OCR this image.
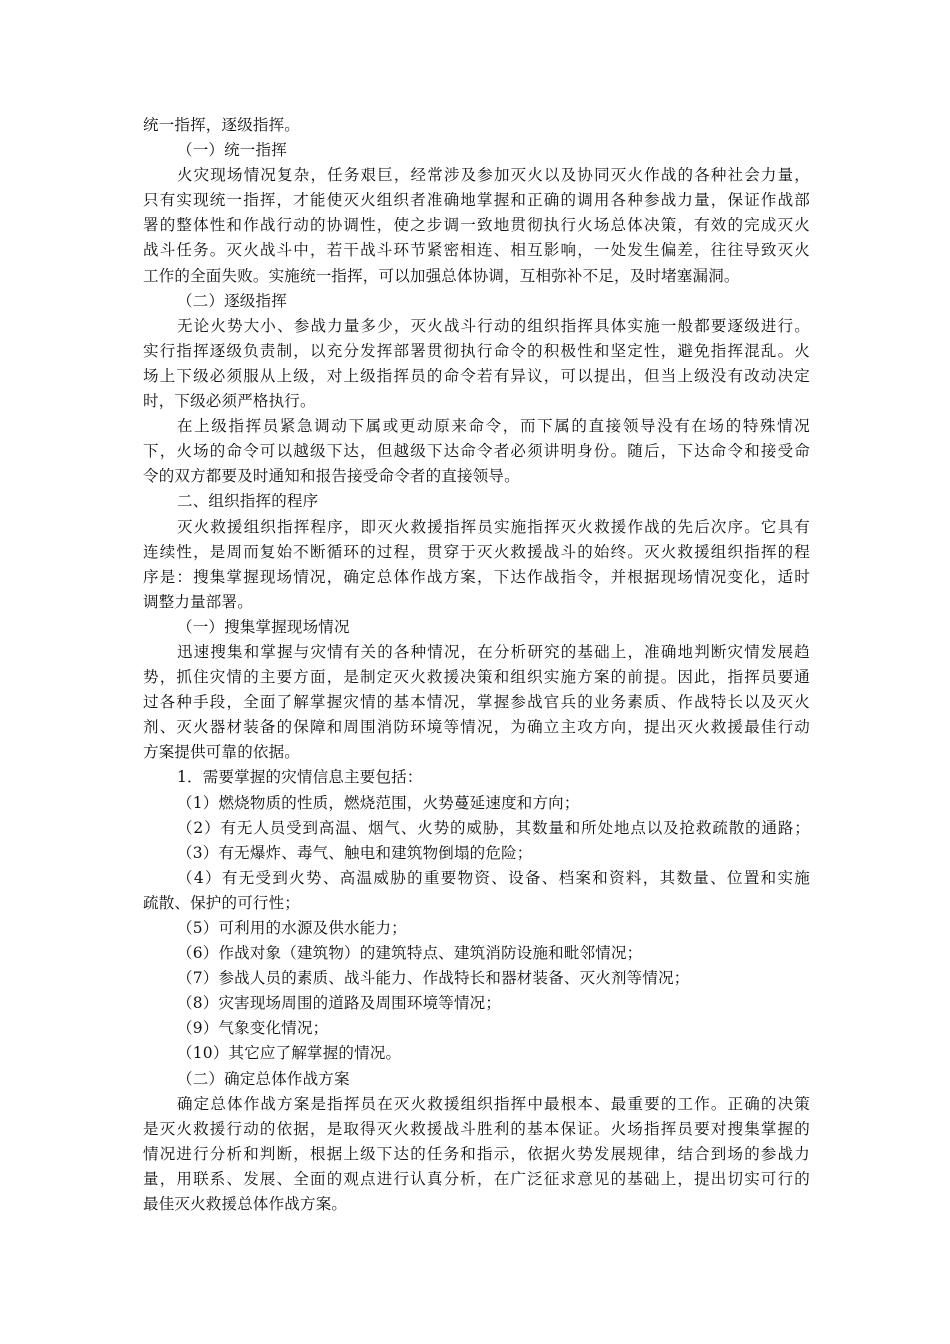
统一指挥，逐级指挥。
（一）统一指挥
火灾现场情况复杂，任务艰巨，经常涉及参加灭火以及协同灭火作战的各种社会力量，
只有实现统一指挥，才能使灭火组织者准确地掌握和正确的调用各种参战力量，保证作战部
署的整体性和作战行动的协调性，使之步调一致地贯彻执行火场总体决策，有效的完成灭火
战斗任务。灭火战斗中，若干战斗环节紧密相连、相互影响，一处发生偏差，往往导致灭火
工作的全面失败。实施统一指挥，可以加强总体协调，互相弥补不足，及时堵塞漏洞。
（二）逐级指挥
无论火势大小、参战力量多少，灭火战斗行动的组织指挥具体实施一般都要逐级进行。
实行指挥逐级负责制，以充分发挥部署贯彻执行命令的积极性和坚定性，避免指挥混乱。火
场上下级必须服从上级，对上级指挥员的命令若有异议，可以提出，但当上级没有改动决定
时，下级必须严格执行。
在上级指挥员紧急调动下属或更动原来命令，而下属的直接领导没有在场的特殊情况
下，火场的命令可以越级下达，但越级下达命令者必须讲明身份。随后，下达命令和接受命
令的双方都要及时通知和报告接受命令者的直接领导。
二、组织指挥的程序
灭火救援组织指挥程序，即灭火救援指挥员实施指挥灭火救援作战的先后次序。它具有
连续性，是周而复始不断循环的过程，贯穿于灭火救援战斗的始终。灭火救援组织指挥的程
序是：搜集掌握现场情况，确定总体作战方案，下达作战指令，并根据现场情况变化，适时
调整力量部署。
（一）搜集掌握现场情况
迅速搜集和掌握与灾情有关的各种情况，在分析研究的基础上，准确地判断灾情发展趋
势，抓住灾情的主要方面，是制定灭火救援决策和组织实施方案的前提。因此，指挥员要通
过各种手段，全面了解掌握灾情的基本情况，掌握参战官兵的业务素质、作战特长以及灭火
剂、灭火器材装备的保障和周围消防环境等情况，为确立主攻方向，提出灭火救援最佳行动
方案提供可靠的依据。
1．需要掌握的灾情信息主要包括：
（1）燃烧物质的性质，燃烧范围，火势蔓延速度和方向；
（2）有无人员受到高温、烟气、火势的威胁，其数量和所处地点以及抢救疏散的通路；
（3）有无爆炸、毒气、触电和建筑物倒塌的危险；
（4）有无受到火势、高温威胁的重要物资、设备、档案和资料，其数量、位置和实施
疏散、保护的可行性；
（5）可利用的水源及供水能力；
（6）作战对象（建筑物）的建筑特点、建筑消防设施和毗邻情况；
（7）参战人员的素质、战斗能力、作战特长和器材装备、灭火剂等情况；
（8）灾害现场周围的道路及周围环境等情况；
（9）气象变化情况；
（10）其它应了解掌握的情况。
（二）确定总体作战方案
确定总体作战方案是指挥员在灭火救援组织指挥中最根本、最重要的工作。正确的决策
是灭火救援行动的依据，是取得灭火救援战斗胜利的基本保证。火场指挥员要对搜集掌握的
情况进行分析和判断，根据上级下达的任务和指示，依据火势发展规律，结合到场的参战力
量，用联系、发展、全面的观点进行认真分析，在广泛征求意见的基础上，提出切实可行的
最佳灭火救援总体作战方案。
